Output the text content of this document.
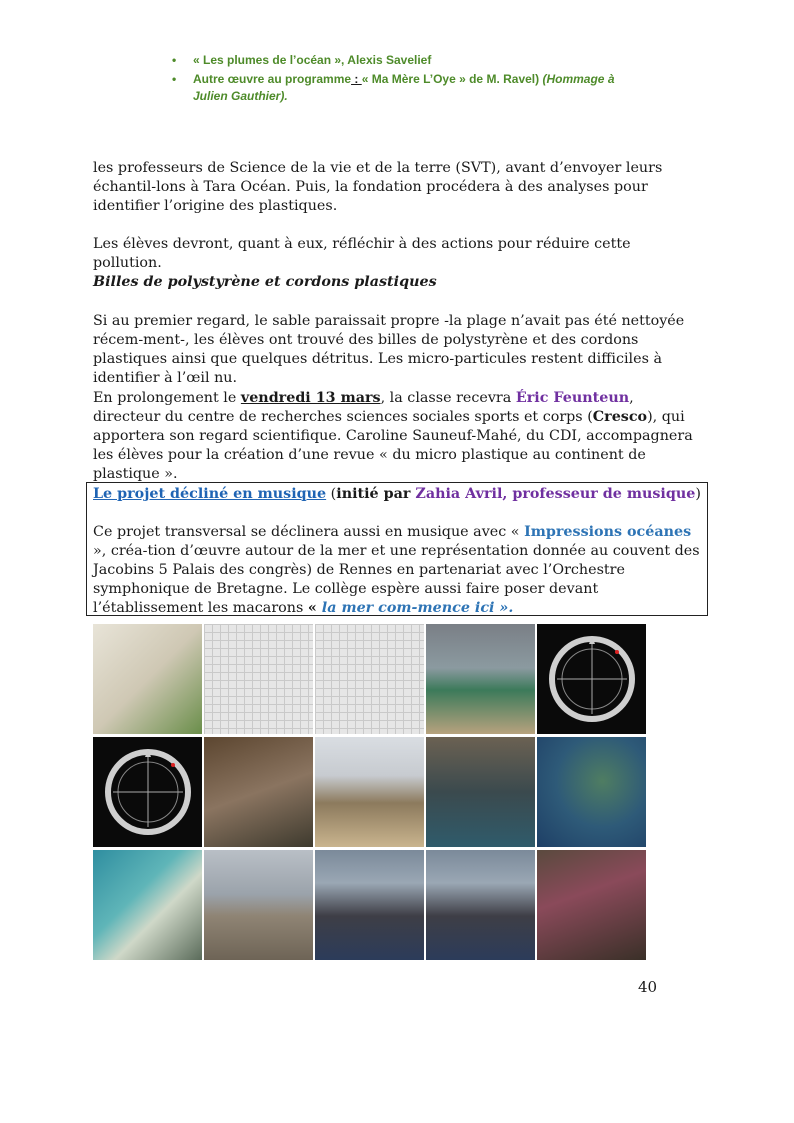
•	« Les plumes de l’océan », Alexis Savelief
•	Autre œuvre au programme : « Ma Mère L’Oye » de M. Ravel) (Hommage à Julien Gauthier).

les professeurs de Science de la vie et de la terre (SVT), avant d’envoyer leurs échantil-lons à Tara Océan. Puis, la fondation procédera à des analyses pour identifier l’origine des plastiques.

Les élèves devront, quant à eux, réfléchir à des actions pour réduire cette pollution.

Billes de polystyrène et cordons plastiques

Si au premier regard, le sable paraissait propre -la plage n’avait pas été nettoyée récem-ment-, les élèves ont trouvé des billes de polystyrène et des cordons plastiques ainsi que quelques détritus. Les micro-particules restent difficiles à identifier à l’œil nu.

En prolongement le vendredi 13 mars, la classe recevra Éric Feunteun, directeur du centre de recherches sciences sociales sports et corps (Cresco), qui apportera son regard scientifique. Caroline Sauneuf-Mahé, du CDI, accompagnera les élèves pour la création d’une revue « du micro plastique au continent de plastique ».

Le projet décliné en musique (initié par Zahia Avril, professeur de musique)

Ce projet transversal se déclinera aussi en musique avec « Impressions océanes », créa-tion d’œuvre autour de la mer et une représentation donnée au couvent des Jacobins 5 Palais des congrès) de Rennes en partenariat avec l’Orchestre symphonique de Bretagne. Le collège espère aussi faire poser devant l’établissement les macarons « la mer com-mence ici ».

40
